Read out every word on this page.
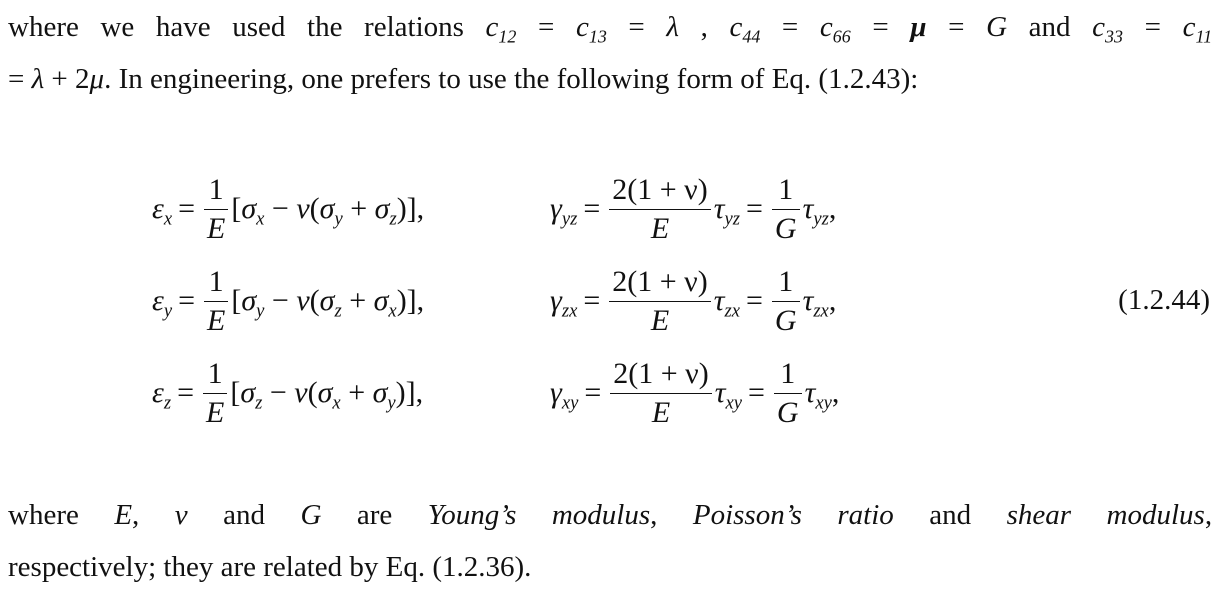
where we have used the relations $c_{12} = c_{13} = \lambda$ , $c_{44} = c_{66} = \mu = G$ and $c_{33} = c_{11}$
= λ + 2μ. In engineering, one prefers to use the following form of Eq. (1.2.43):
$\varepsilon_x = \frac{1}{E} [\sigma_x - \nu(\sigma_y + \sigma_z)]$,	$\gamma_{yz} = \frac{2(1 + \nu)}{E} \tau_{yz} = \frac{1}{G} \tau_{yz}$ ,
$\varepsilon_y = \frac{1}{E} [\sigma_y - \nu(\sigma_z + \sigma_x)]$,	$\gamma_{zx} = \frac{2(1 + \nu)}{E} \tau_{zx} = \frac{1}{G} \tau_{zx}$ ,
$\varepsilon_z = \frac{1}{E} [\sigma_z - \nu(\sigma_x + \sigma_y)]$,	$\gamma_{xy} = \frac{2(1 + \nu)}{E} \tau_{xy} = \frac{1}{G} \tau_{xy}$ ,
(1.2.44)
where E, ν and G are Young’s modulus, Poisson’s ratio and shear modulus,
respectively; they are related by Eq. (1.2.36).
